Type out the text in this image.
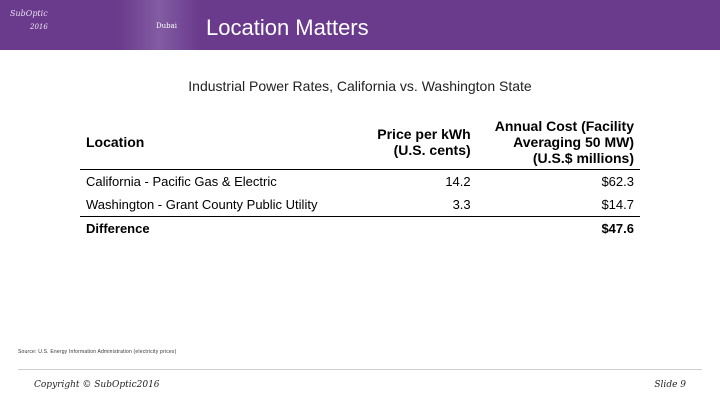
SubOptic
2016	Dubai Location Matters
Industrial Power Rates, California vs. Washington State
Location	Price per kWh (U.S. cents)	Annual Cost (Facility Averaging 50 MW) (U.S.$ millions)
California - Pacific Gas & Electric	14.2	$62.3
Washington - Grant County Public Utility	3.3	$14.7
Difference		$47.6
Source: U.S. Energy Information Administration (electricity prices)
Copyright © SubOptic2016	Slide 9
